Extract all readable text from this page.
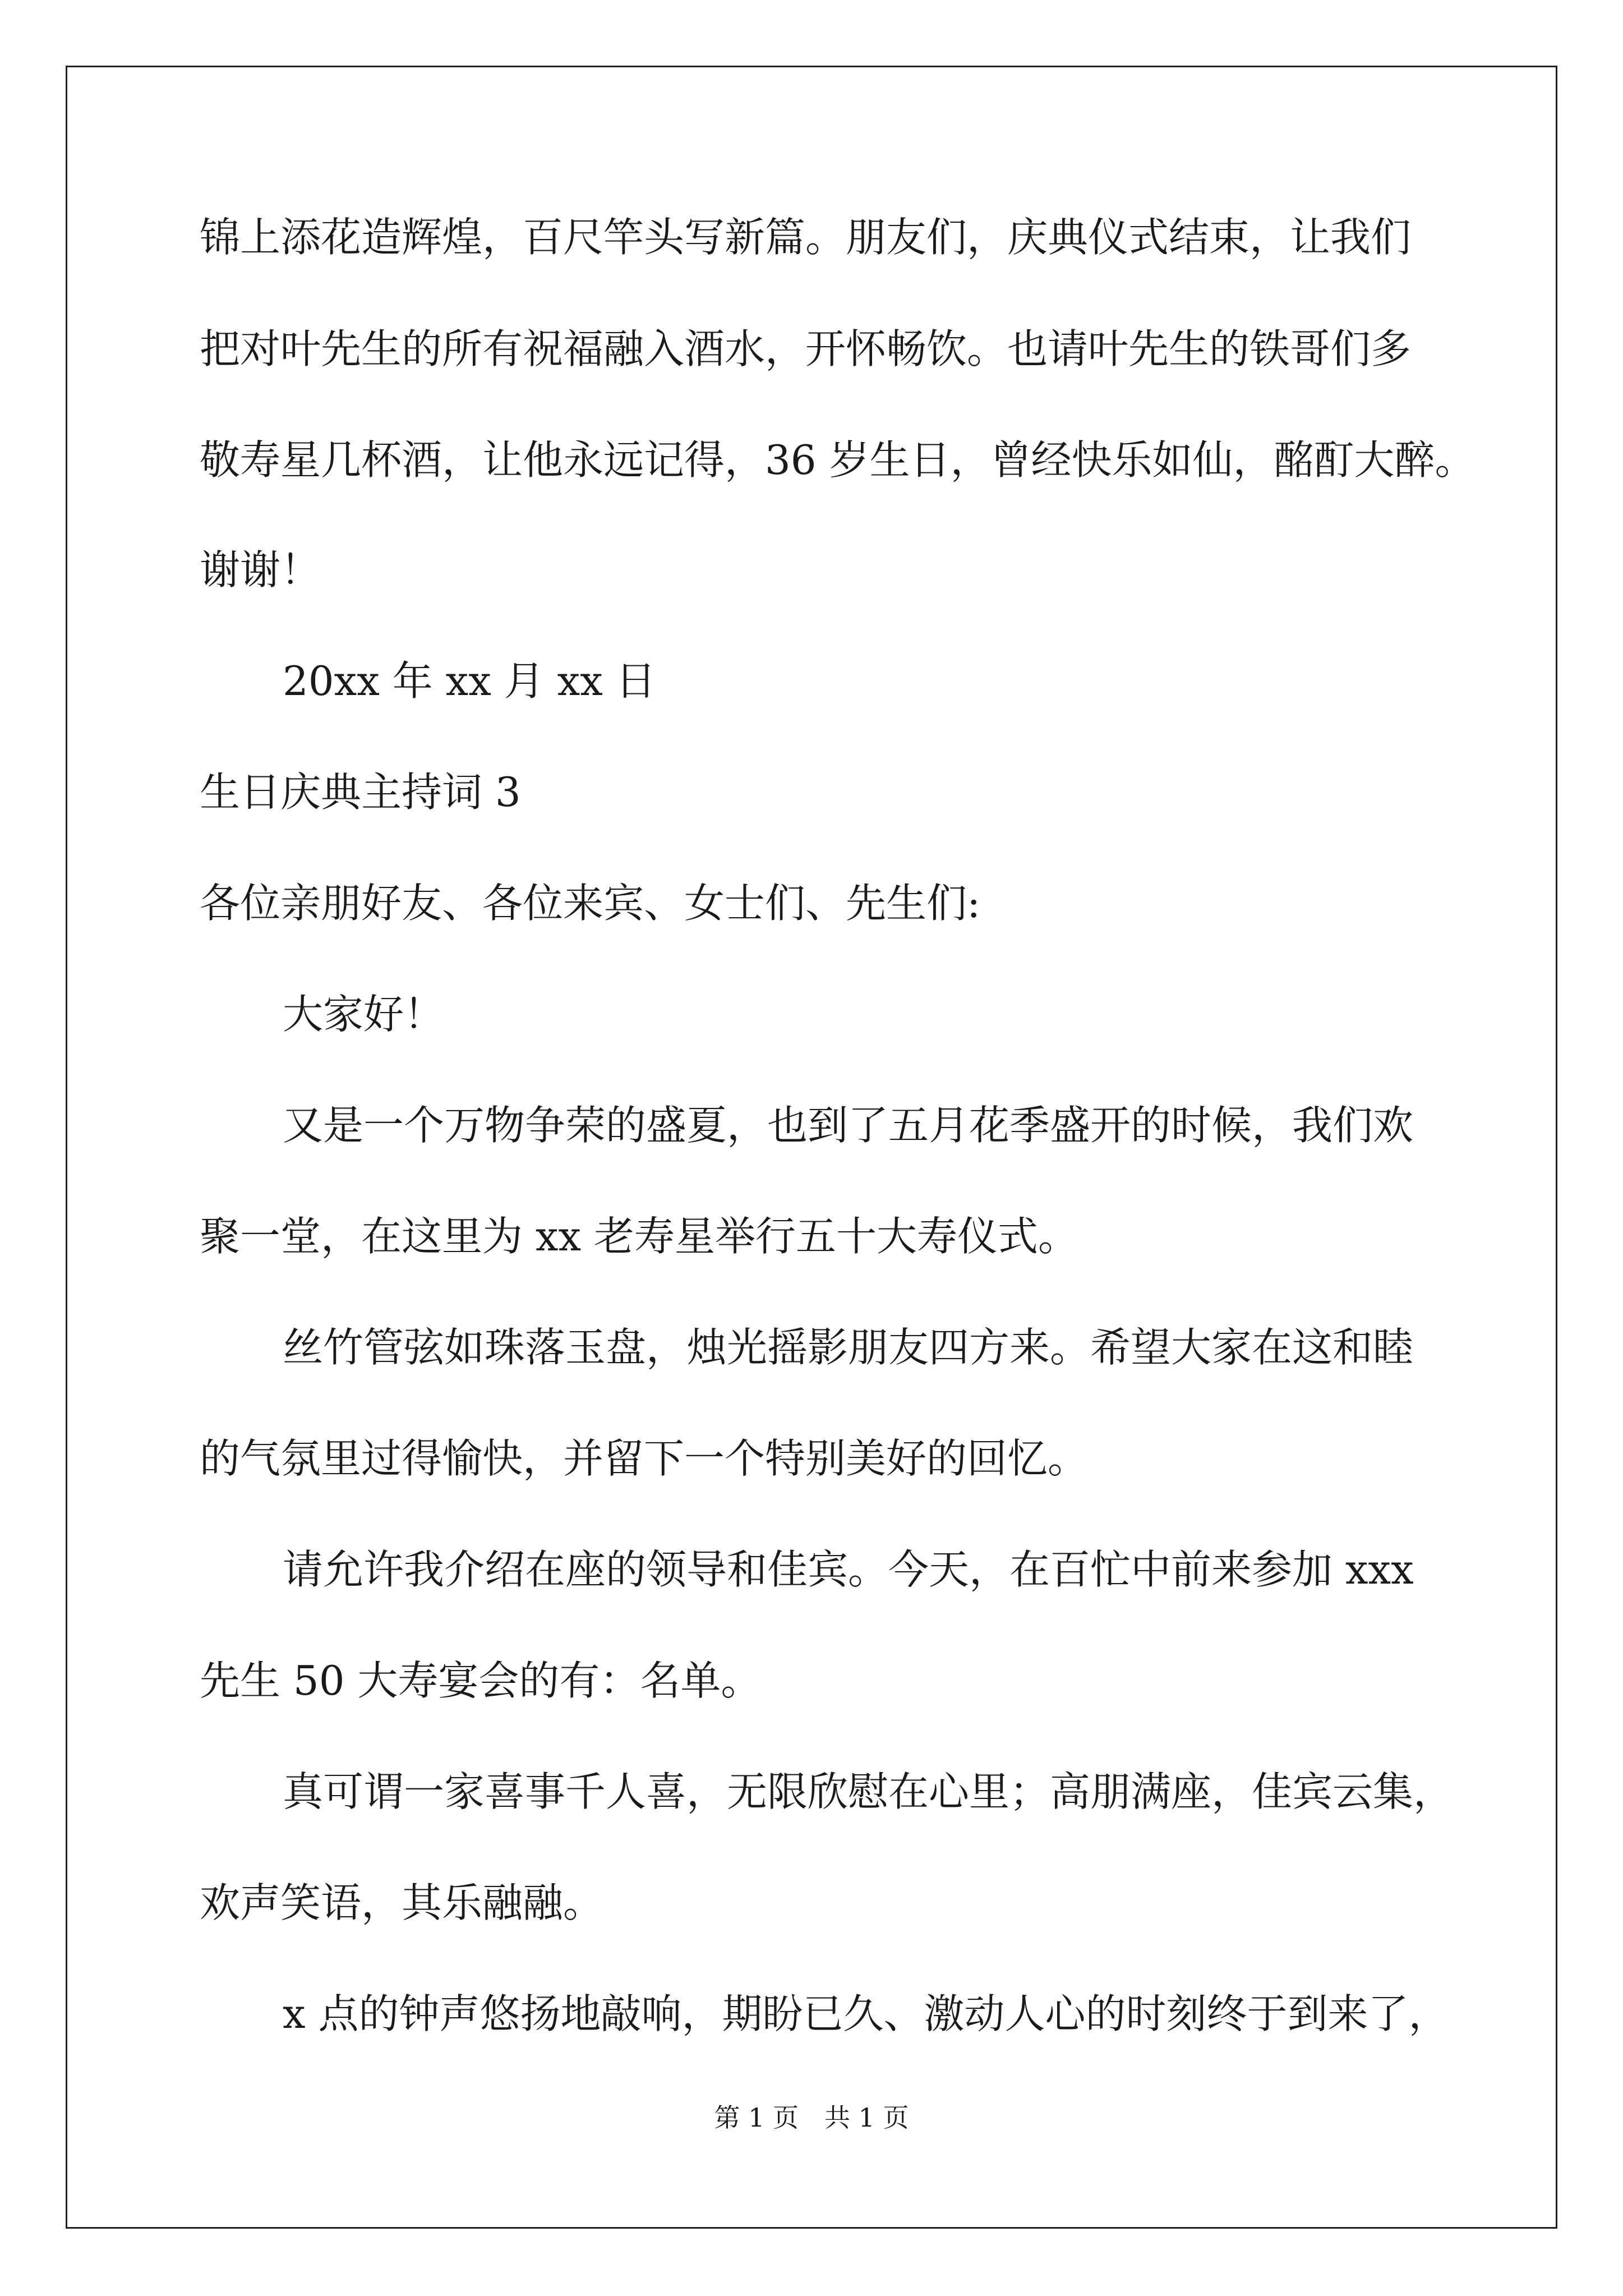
锦上添花造辉煌，百尺竿头写新篇。朋友们，庆典仪式结束，让我们
把对叶先生的所有祝福融入酒水，开怀畅饮。也请叶先生的铁哥们多
敬寿星几杯酒，让他永远记得，36 岁生日，曾经快乐如仙，酩酊大醉。
谢谢！
20xx 年 xx 月 xx 日
生日庆典主持词 3
各位亲朋好友、各位来宾、女士们、先生们:
大家好！
又是一个万物争荣的盛夏，也到了五月花季盛开的时候，我们欢
聚一堂，在这里为 xx 老寿星举行五十大寿仪式。
丝竹管弦如珠落玉盘，烛光摇影朋友四方来。希望大家在这和睦
的气氛里过得愉快，并留下一个特别美好的回忆。
请允许我介绍在座的领导和佳宾。今天，在百忙中前来参加 xxx
先生 50 大寿宴会的有：名单。
真可谓一家喜事千人喜，无限欣慰在心里；高朋满座，佳宾云集，
欢声笑语，其乐融融。
x 点的钟声悠扬地敲响，期盼已久、激动人心的时刻终于到来了，
第 1 页 共 1 页
